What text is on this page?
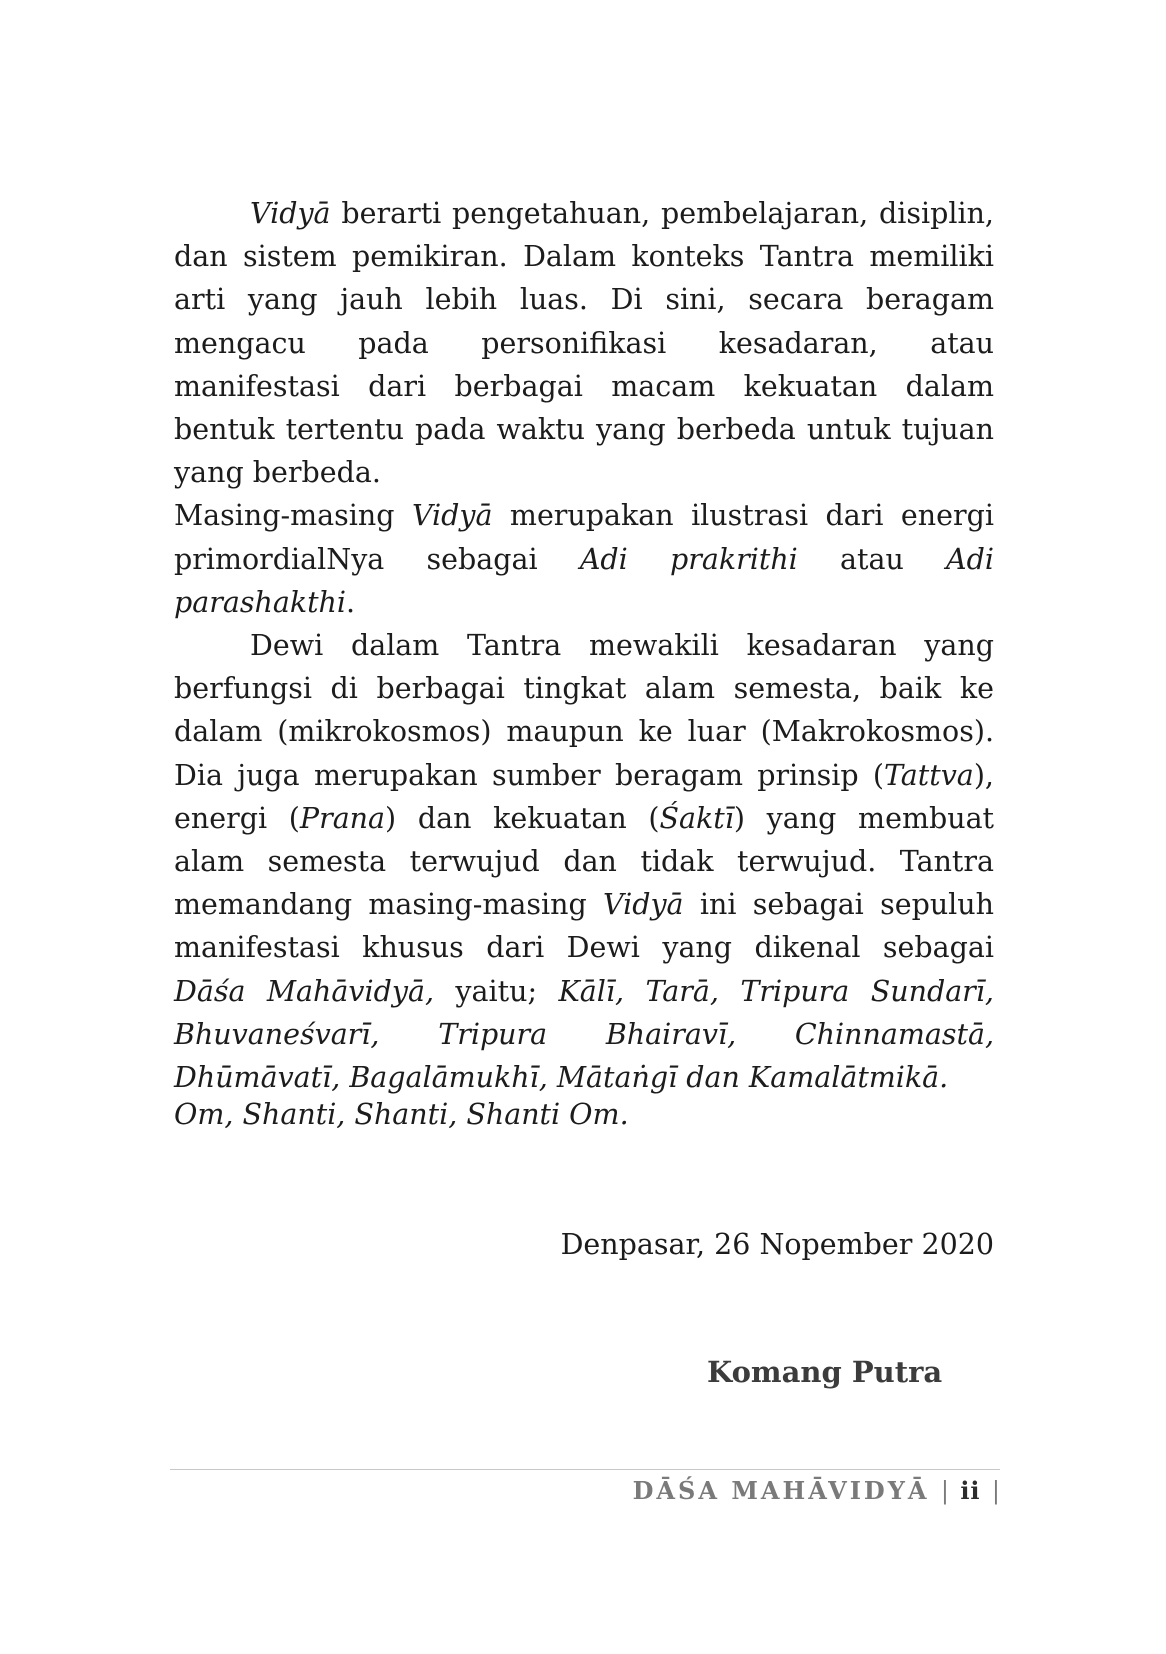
Vidyā berarti pengetahuan, pembelajaran, disiplin, dan sistem pemikiran. Dalam konteks Tantra memiliki arti yang jauh lebih luas. Di sini, secara beragam mengacu pada personifikasi kesadaran, atau manifestasi dari berbagai macam kekuatan dalam bentuk tertentu pada waktu yang berbeda untuk tujuan yang berbeda.

Masing-masing Vidyā merupakan ilustrasi dari energi primordialNya sebagai Adi prakrithi atau Adi parashakthi.

Dewi dalam Tantra mewakili kesadaran yang berfungsi di berbagai tingkat alam semesta, baik ke dalam (mikrokosmos) maupun ke luar (Makrokosmos). Dia juga merupakan sumber beragam prinsip (Tattva), energi (Prana) dan kekuatan (Śaktī) yang membuat alam semesta terwujud dan tidak terwujud. Tantra memandang masing-masing Vidyā ini sebagai sepuluh manifestasi khusus dari Dewi yang dikenal sebagai Dāśa Mahāvidyā, yaitu; Kālī, Tarā, Tripura Sundarī, Bhuvaneśvarī, Tripura Bhairavī, Chinnamastā, Dhūmāvatī, Bagalāmukhī, Mātaṅgī dan Kamalātmikā.

Om, Shanti, Shanti, Shanti Om.
Denpasar, 26 Nopember 2020
Komang Putra
DĀŚA MAHĀVIDYĀ | ii |
